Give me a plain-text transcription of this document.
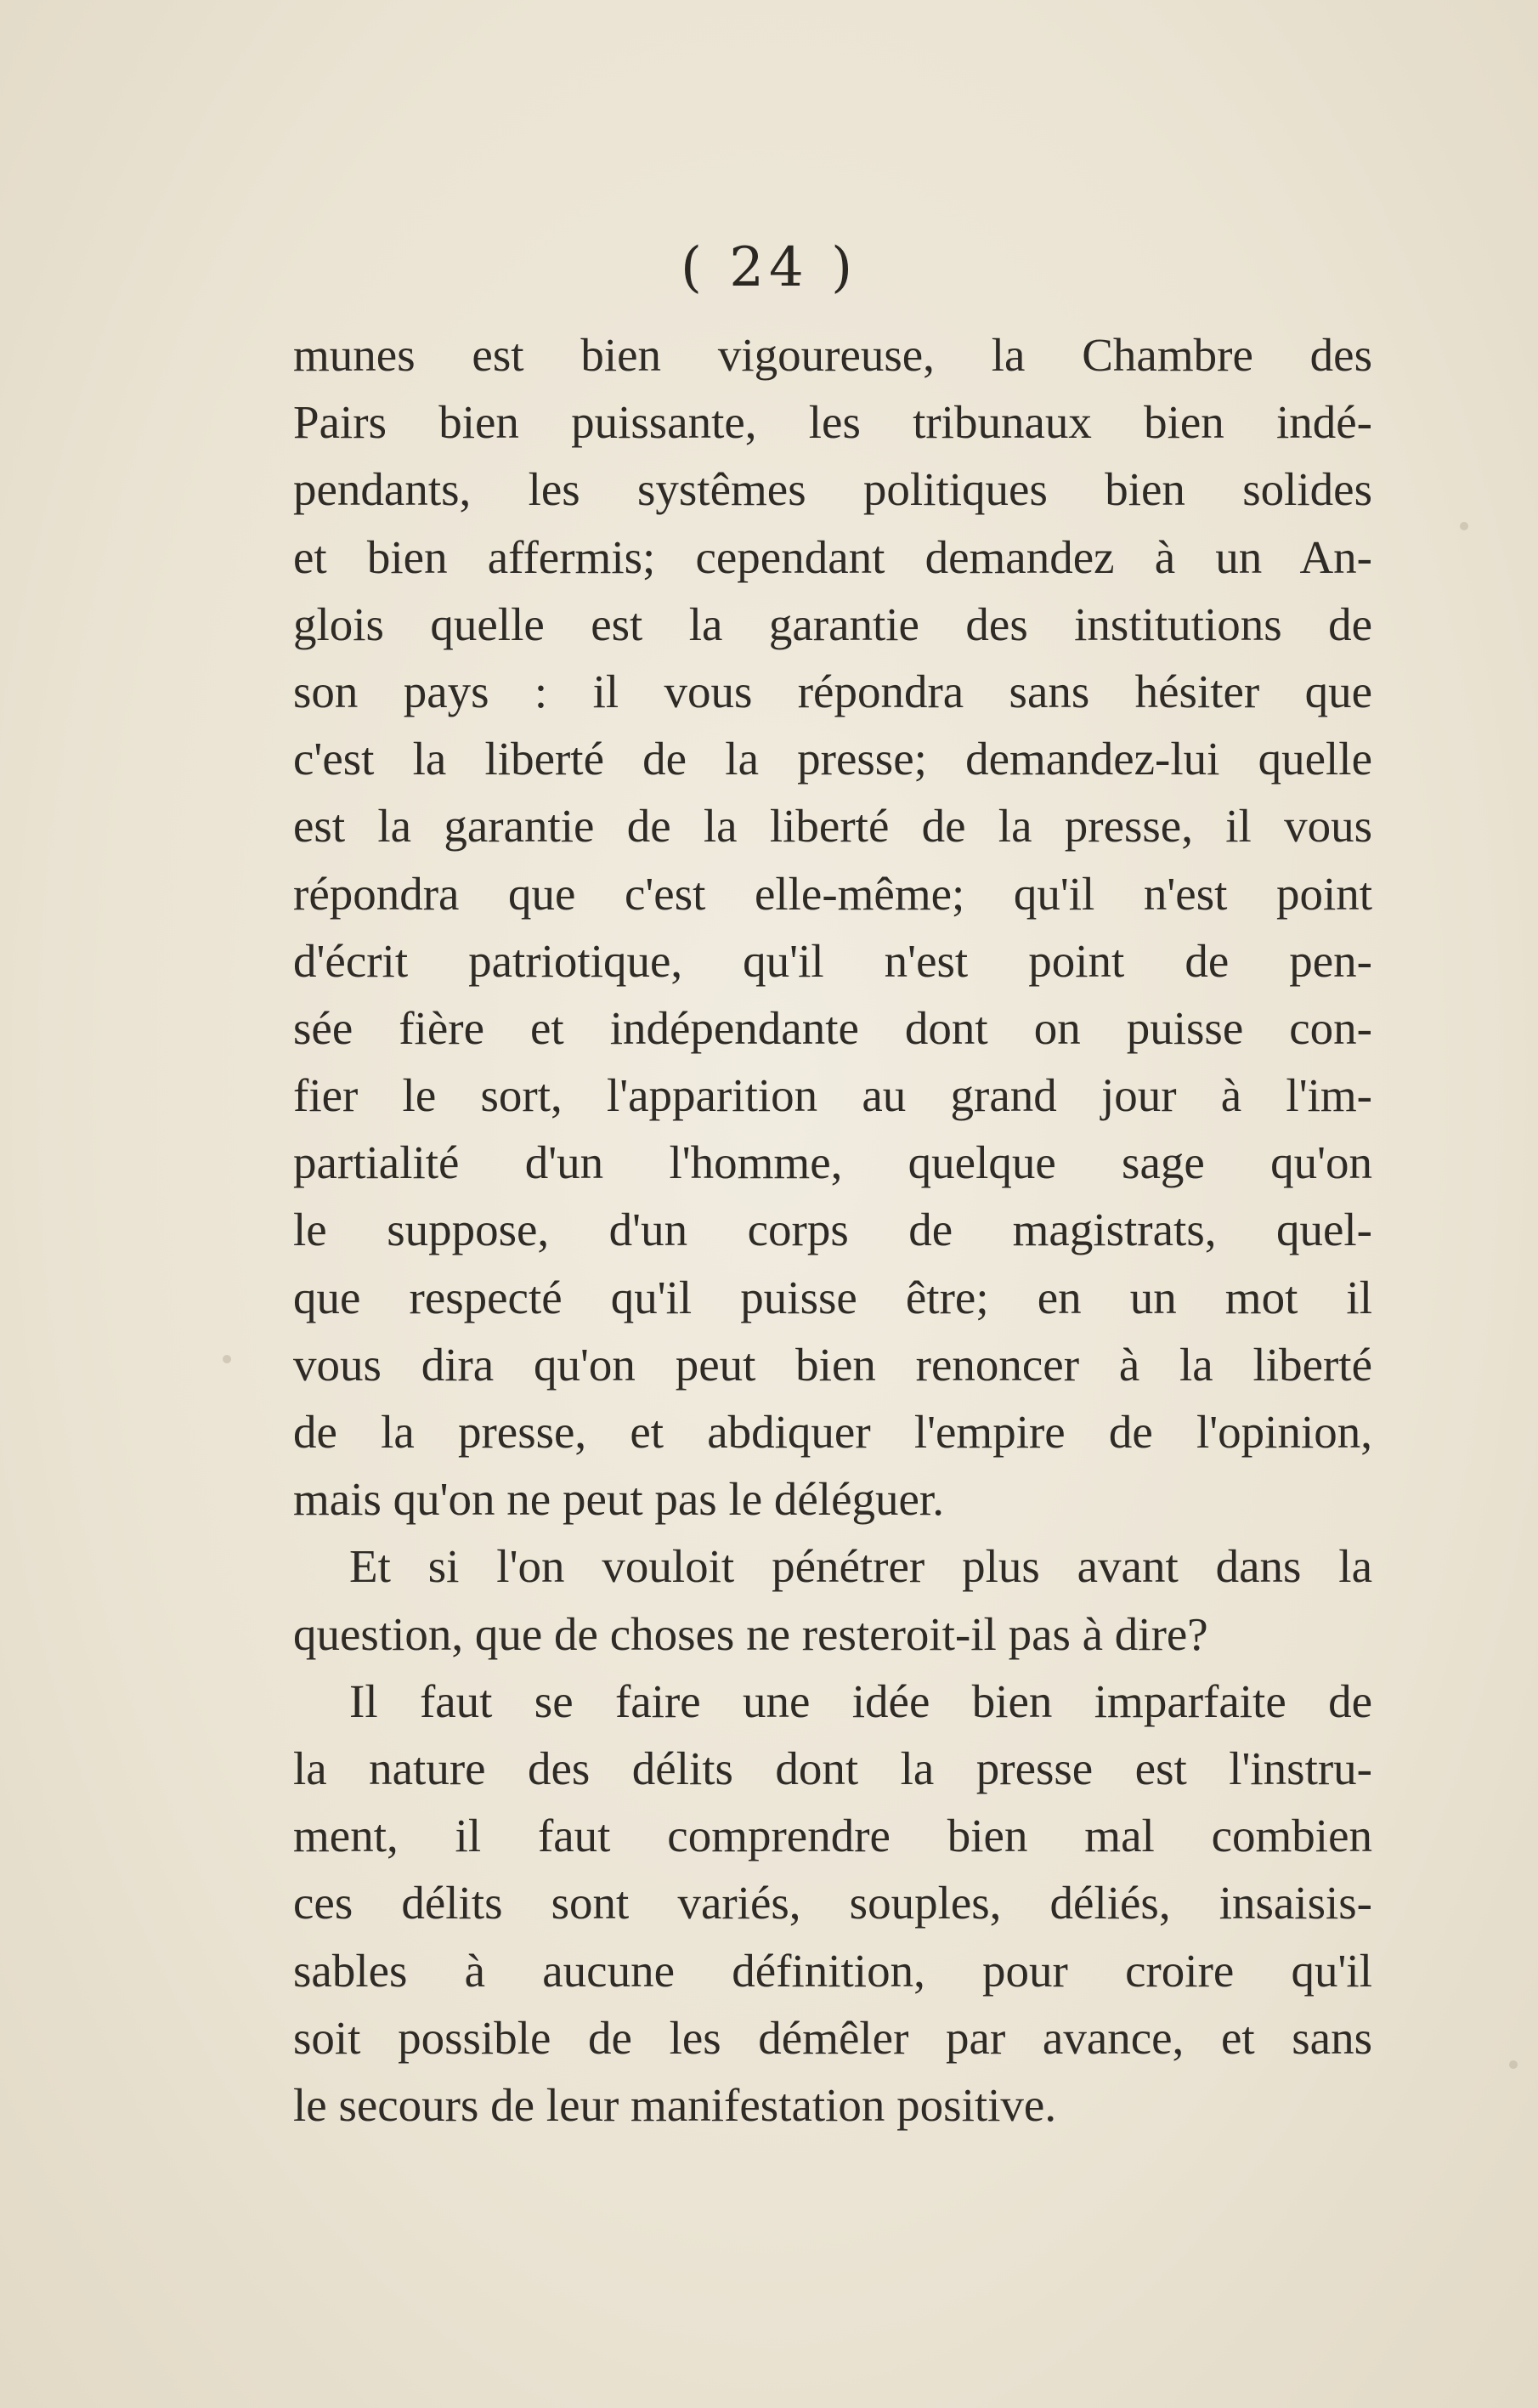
( 24 )
munes est bien vigoureuse, la Chambre des
Pairs bien puissante, les tribunaux bien indé-
pendants, les systêmes politiques bien solides
et bien affermis; cependant demandez à un An-
glois quelle est la garantie des institutions de
son pays : il vous répondra sans hésiter que
c'est la liberté de la presse; demandez-lui quelle
est la garantie de la liberté de la presse, il vous
répondra que c'est elle-même; qu'il n'est point
d'écrit patriotique, qu'il n'est point de pen-
sée fière et indépendante dont on puisse con-
fier le sort, l'apparition au grand jour à l'im-
partialité d'un l'homme, quelque sage qu'on
le suppose, d'un corps de magistrats, quel-
que respecté qu'il puisse être; en un mot il
vous dira qu'on peut bien renoncer à la liberté
de la presse, et abdiquer l'empire de l'opinion,
mais qu'on ne peut pas le déléguer.
Et si l'on vouloit pénétrer plus avant dans la
question, que de choses ne resteroit-il pas à dire?
Il faut se faire une idée bien imparfaite de
la nature des délits dont la presse est l'instru-
ment, il faut comprendre bien mal combien
ces délits sont variés, souples, déliés, insaisis-
sables à aucune définition, pour croire qu'il
soit possible de les démêler par avance, et sans
le secours de leur manifestation positive.
